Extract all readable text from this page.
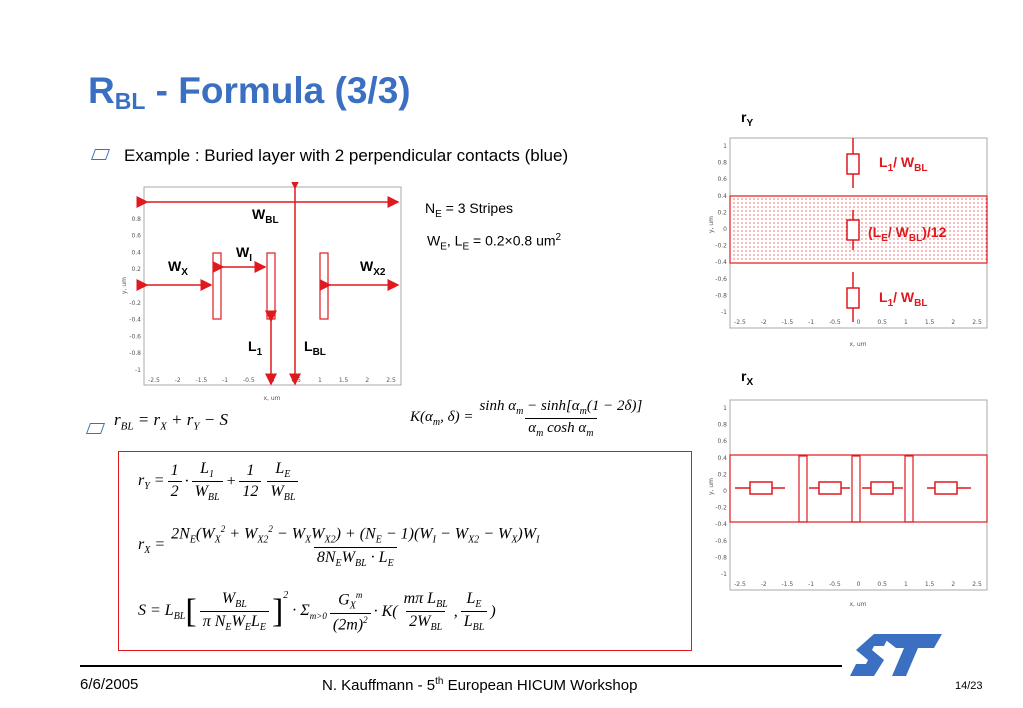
$R_{BL}$ - Formula (3/3)
Example : Buried layer with 2 perpendicular contacts (blue)
1
0.8
0.6
0.4
0.2
0
-0.2
-0.4
-0.6
-0.8
-1
-2.5 -2 -1.5 -1 -0.5	0	0.5	1	1.5	2	2.5
y, um
x, um
$W_{BL}$
$W_I$
$W_X$	$W_{X2}$
$L_1$	$L_{BL}$
$N_E = 3$ Stripes
$W_E$, $L_E = 0.2\times 0.8$ $um^2$
$r_Y$
1
0.8
0.6
0.4
0.2
0
-0.2
-0.4
-0.6
-0.8
-1
-2.5 -2 -1.5 -1 -0.5	0	0.5	1	1.5	2	2.5
y, um
x, um
$L_1/$ $W_{BL}$
($L_E/$ $W_{BL})/12$
$L_1/$ $W_{BL}$
$r_X$
1
0.8
0.6
0.4
0.2
0
-0.2
-0.4
-0.6
-0.8
-1
-2.5 -2 -1.5 -1 -0.5	0	0.5	1	1.5	2	2.5
y, um
x, um
$r_{BL} = r_X + r_Y - S$	$K(\alpha_m$, $\delta) = \frac{\sinh \alpha_m - \sinh[\alpha_m(1 - 2\delta)]}{\alpha_m \cosh \alpha_m}$
$r_Y = \frac{1}{2} \cdot \frac{L_1}{W_{BL}} + \frac{1}{12} \frac{L_E}{W_{BL}}$
$r_X = \frac{2N_E(W_X^2 + W_{X2}^2 - W_XW_{X2}) + (N_E - 1)(W_I - W_{X2} - W_X)W_I}{8N_EW_{BL} \cdot L_E}$
$S = L_{BL}$ [ $\frac{W_{BL}}{\pi N_EW_EL_E} ]^2$
· $\Sigma_{m>0} \frac{G_X^m}{(2m)^2} \cdot K( \frac{m\pi L_{BL}}{2W_{BL}}$ , $\frac{L_E}{L_{BL}}$ )
6/6/2005	N. Kauffmann - 5th European HICUM Workshop	14/23
